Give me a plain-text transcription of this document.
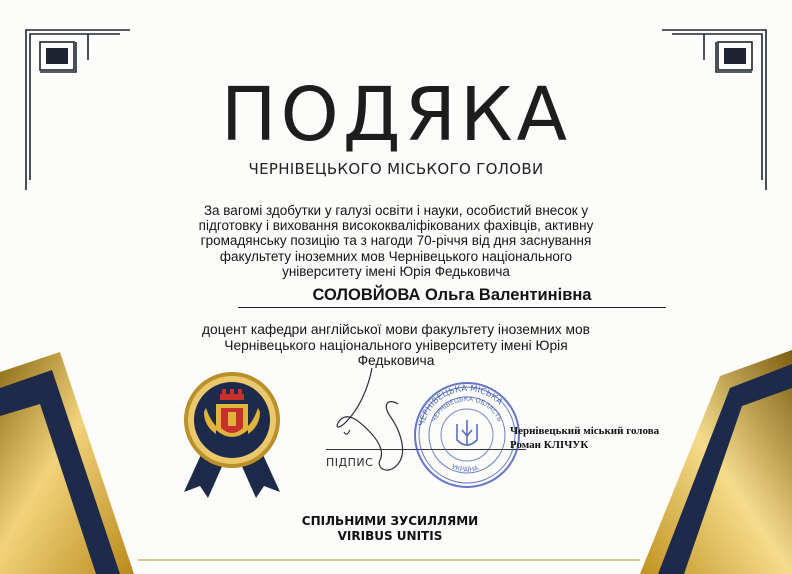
ПОДЯКА
ЧЕРНІВЕЦЬКОГО МІСЬКОГО ГОЛОВИ
За вагомі здобутки у галузі освіти і науки, особистий внесок у
підготовку і виховання висококваліфікованих фахівців, активну
громадянську позицію та з нагоди 70-річчя від дня заснування
факультету іноземних мов Чернівецького національного
університету імені Юрія Федьковича
СОЛОВЙОВА Ольга Валентинівна
доцент кафедри англійської мови факультету іноземних мов
Чернівецького національного університету імені Юрія
Федьковича
ПІДПИС
ЧЕРНІВЕЦЬКА МІСЬКА
ЧЕРНІВЕЦЬКА ОБЛАСТЬ
УКРАЇНА
Чернівецький міський голова
Роман КЛІЧУК
СПІЛЬНИМИ ЗУСИЛЛЯМИ
VIRIBUS UNITIS
